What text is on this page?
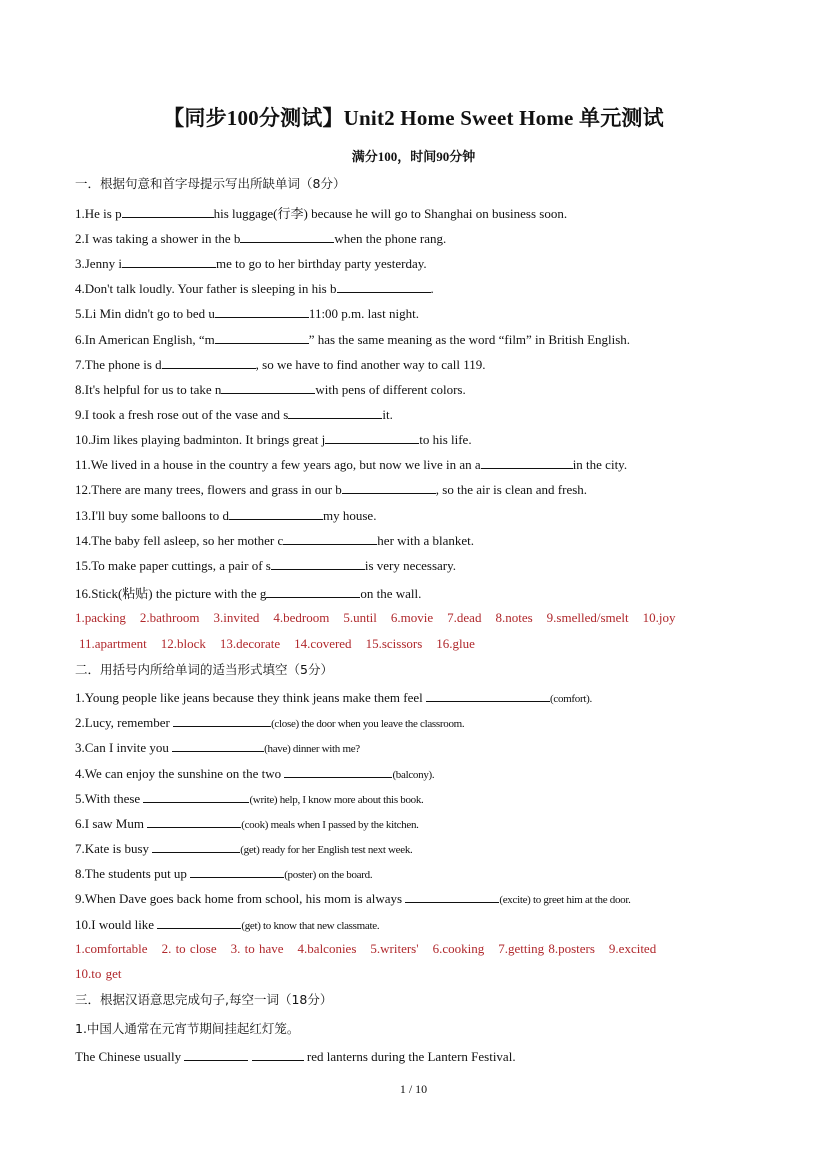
【同步100分测试】Unit2 Home Sweet Home 单元测试
满分100，时间90分钟
一．根据句意和首字母提示写出所缺单词（8分）
1.He is p	his luggage(行李) because he will go to Shanghai on business soon.
2.I was taking a shower in the b	when the phone rang.
3.Jenny i	me to go to her birthday party yesterday.
4.Don't talk loudly. Your father is sleeping in his b	.
5.Li Min didn't go to bed u	11:00 p.m. last night.
6.In American English, “m	” has the same meaning as the word “film” in British English.
7.The phone is d	, so we have to find another way to call 119.
8.It's helpful for us to take n	with pens of different colors.
9.I took a fresh rose out of the vase and s	it.
10.Jim likes playing badminton. It brings great j	to his life.
11.We lived in a house in the country a few years ago, but now we live in an a	in the city.
12.There are many trees, flowers and grass in our b	, so the air is clean and fresh.
13.I'll buy some balloons to d	my house.
14.The baby fell asleep, so her mother c	her with a blanket.
15.To make paper cuttings, a pair of s	is very necessary.
16.Stick(粘贴) the picture with the g	on the wall.
1.packing 2.bathroom 3.invited 4.bedroom 5.until 6.movie 7.dead 8.notes 9.smelled/smelt 10.joy
11.apartment 12.block 13.decorate 14.covered 15.scissors 16.glue
二．用括号内所给单词的适当形式填空（5分）
1.Young people like jeans because they think jeans make them feel	(comfort).
2.Lucy, remember	(close) the door when you leave the classroom.
3.Can I invite you	(have) dinner with me?
4.We can enjoy the sunshine on the two	(balcony).
5.With these	(write) help, I know more about this book.
6.I saw Mum	(cook) meals when I passed by the kitchen.
7.Kate is busy	(get) ready for her English test next week.
8.The students put up	(poster) on the board.
9.When Dave goes back home from school, his mom is always	(excite) to greet him at the door.
10.I would like	(get) to know that new classmate.
1.comfortable 2. to close 3. to have 4.balconies 5.writers' 6.cooking 7.getting 8.posters 9.excited
10.to get
三．根据汉语意思完成句子,每空一词（18分）
1.中国人通常在元宵节期间挂起红灯笼。
The Chinese usually	red lanterns during the Lantern Festival.
1 / 10
